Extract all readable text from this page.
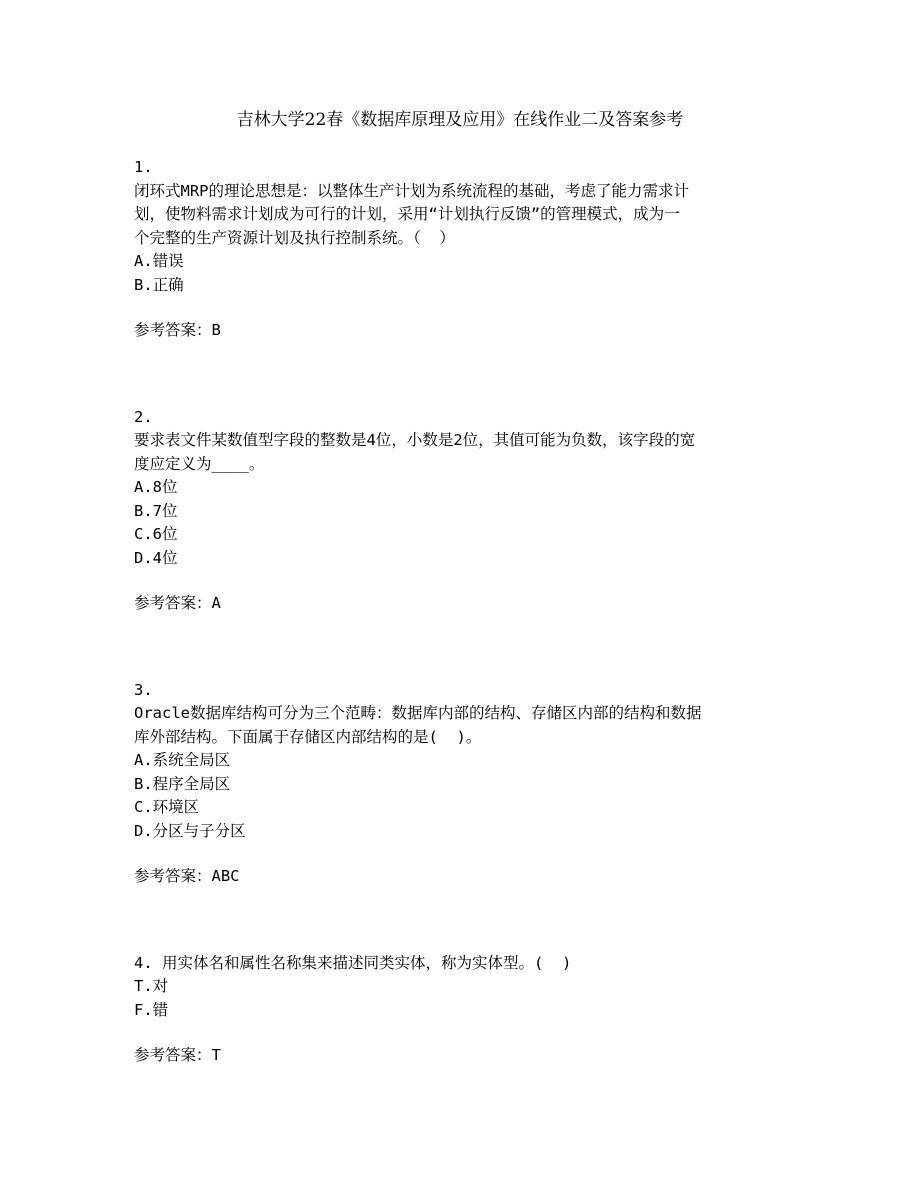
吉林大学22春《数据库原理及应用》在线作业二及答案参考
1.
闭环式MRP的理论思想是：以整体生产计划为系统流程的基础，考虑了能力需求计
划，使物料需求计划成为可行的计划，采用“计划执行反馈”的管理模式，成为一
个完整的生产资源计划及执行控制系统。（  ）
A.错误
B.正确
参考答案：B
2.
要求表文件某数值型字段的整数是4位，小数是2位，其值可能为负数，该字段的宽
度应定义为____。
A.8位
B.7位
C.6位
D.4位
参考答案：A
3.
Oracle数据库结构可分为三个范畴：数据库内部的结构、存储区内部的结构和数据
库外部结构。下面属于存储区内部结构的是(  )。
A.系统全局区
B.程序全局区
C.环境区
D.分区与子分区
参考答案：ABC
4. 用实体名和属性名称集来描述同类实体，称为实体型。(  )
T.对
F.错
参考答案：T
